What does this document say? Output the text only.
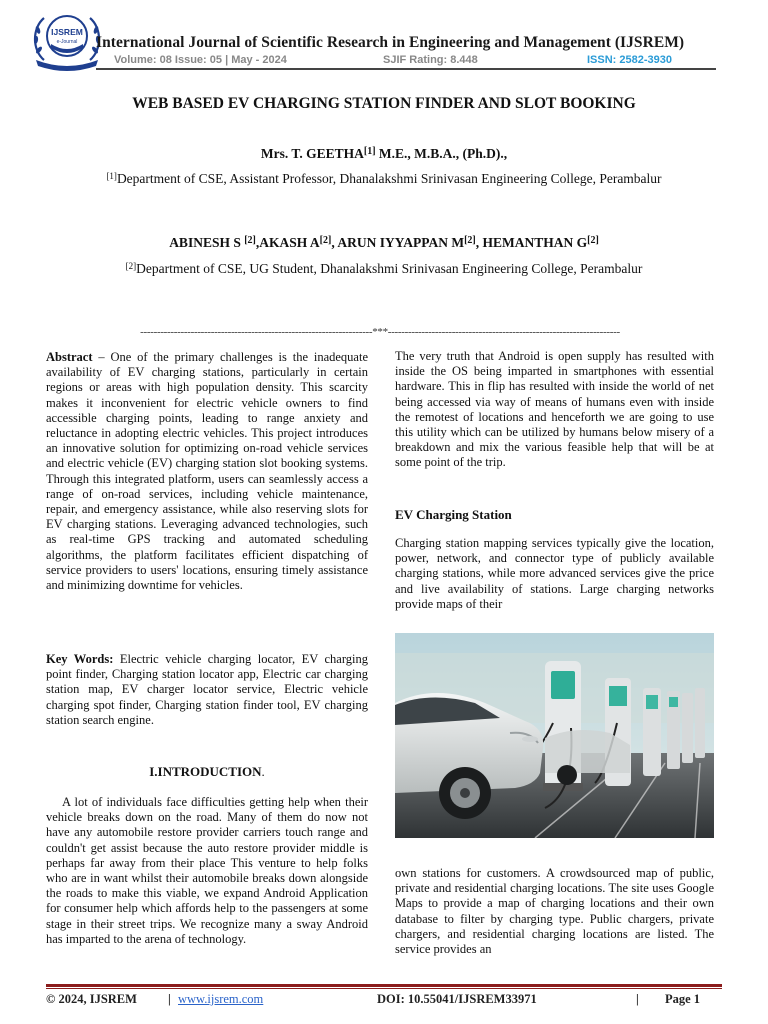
IJSREM
e-Journal	International Journal of Scientific Research in Engineering and Management (IJSREM)
Volume: 08 Issue: 05 | May - 2024	SJIF Rating: 8.448	ISSN: 2582-3930
WEB BASED EV CHARGING STATION FINDER AND SLOT BOOKING
Mrs. T. GEETHA[1] M.E., M.B.A., (Ph.D).,
[1]Department of CSE, Assistant Professor, Dhanalakshmi Srinivasan Engineering College, Perambalur
ABINESH S [2],AKASH A[2], ARUN IYYAPPAN M[2], HEMANTHAN G[2]
[2]Department of CSE, UG Student, Dhanalakshmi Srinivasan Engineering College, Perambalur
---------------------------------------------------------------------***---------------------------------------------------------------------
Abstract – One of the primary challenges is the inadequate availability of EV charging stations, particularly in certain regions or areas with high population density. This scarcity makes it inconvenient for electric vehicle owners to find accessible charging points, leading to range anxiety and reluctance in adopting electric vehicles. This project introduces an innovative solution for optimizing on-road vehicle services and electric vehicle (EV) charging station slot booking systems. Through this integrated platform, users can seamlessly access a range of on-road services, including vehicle maintenance, repair, and emergency assistance, while also reserving slots for EV charging stations. Leveraging advanced technologies, such as real-time GPS tracking and automated scheduling algorithms, the platform facilitates efficient dispatching of service providers to users' locations, ensuring timely assistance and minimizing downtime for vehicles.
Key Words: Electric vehicle charging locator, EV charging point finder, Charging station locator app, Electric car charging station map, EV charger locator service, Electric vehicle charging spot finder, Charging station finder tool, EV charging station search engine.
I.INTRODUCTION.
A lot of individuals face difficulties getting help when their vehicle breaks down on the road. Many of them do now not have any automobile restore provider carriers touch range and couldn't get assist because the auto restore provider middle is perhaps far away from their place This venture to help folks who are in want whilst their automobile breaks down alongside the roads to make this viable, we expand Android Application for consumer help which affords help to the passengers at some stage in their street trips. We recognize many a sway Android has imparted to the arena of technology.
The very truth that Android is open supply has resulted with inside the OS being imparted in smartphones with essential hardware. This in flip has resulted with inside the world of net being accessed via way of means of humans even with inside the remotest of locations and henceforth we are going to use this utility which can be utilized by humans below misery of a breakdown and mix the various feasible help that will be at some point of the trip.
EV Charging Station
Charging station mapping services typically give the location, power, network, and connector type of publicly available charging stations, while more advanced services give the price and live availability of stations. Large charging networks provide maps of their
own stations for customers. A crowdsourced map of public, private and residential charging locations. The site uses Google Maps to provide a map of charging locations and their own database to filter by charging type. Public chargers, private chargers, and residential charging locations are listed. The service provides an
© 2024, IJSREM | www.ijsrem.com	DOI: 10.55041/IJSREM33971	| Page 1
